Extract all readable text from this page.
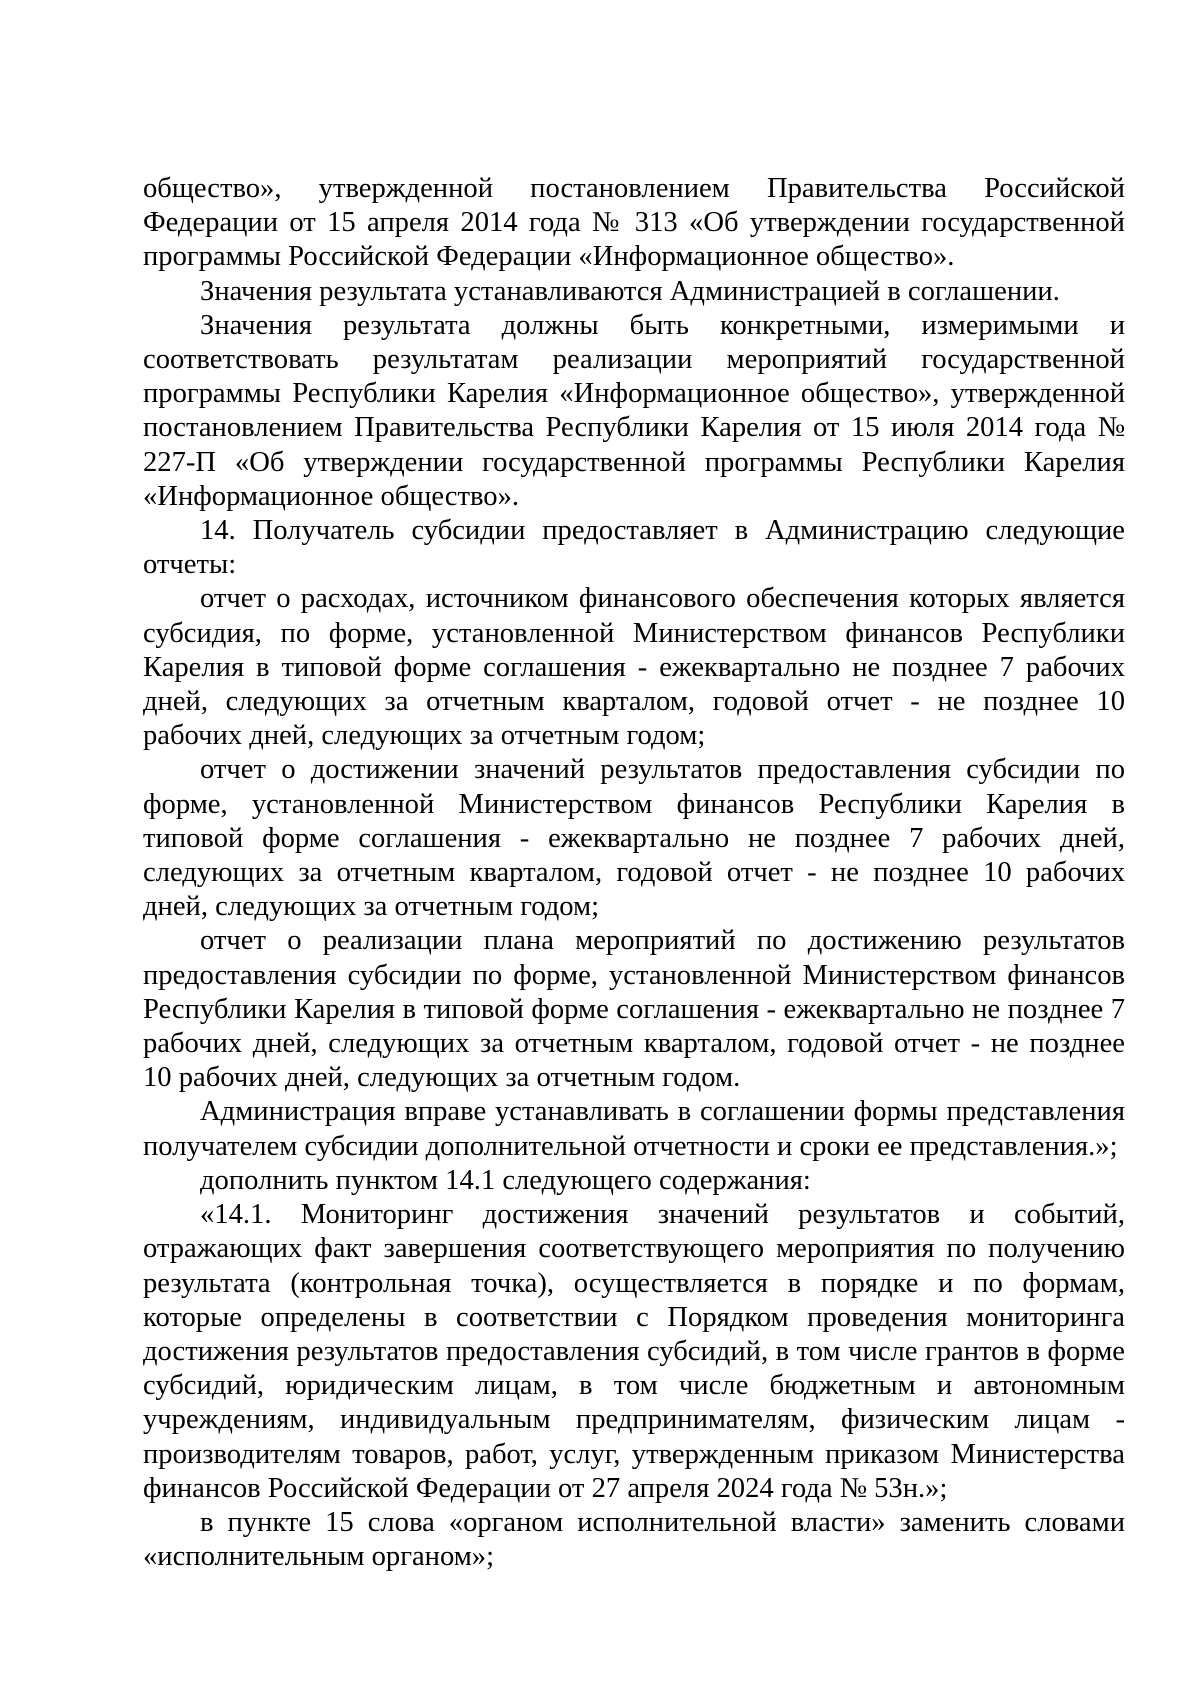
общество», утвержденной постановлением Правительства Российской Федерации от 15 апреля 2014 года № 313 «Об утверждении государственной программы Российской Федерации «Информационное общество».

Значения результата устанавливаются Администрацией в соглашении.

Значения результата должны быть конкретными, измеримыми и соответствовать результатам реализации мероприятий государственной программы Республики Карелия «Информационное общество», утвержденной постановлением Правительства Республики Карелия от 15 июля 2014 года № 227-П «Об утверждении государственной программы Республики Карелия «Информационное общество».

14. Получатель субсидии предоставляет в Администрацию следующие отчеты:

отчет о расходах, источником финансового обеспечения которых является субсидия, по форме, установленной Министерством финансов Республики Карелия в типовой форме соглашения - ежеквартально не позднее 7 рабочих дней, следующих за отчетным кварталом, годовой отчет - не позднее 10 рабочих дней, следующих за отчетным годом;

отчет о достижении значений результатов предоставления субсидии по форме, установленной Министерством финансов Республики Карелия в типовой форме соглашения - ежеквартально не позднее 7 рабочих дней, следующих за отчетным кварталом, годовой отчет - не позднее 10 рабочих дней, следующих за отчетным годом;

отчет о реализации плана мероприятий по достижению результатов предоставления субсидии по форме, установленной Министерством финансов Республики Карелия в типовой форме соглашения - ежеквартально не позднее 7 рабочих дней, следующих за отчетным кварталом, годовой отчет - не позднее 10 рабочих дней, следующих за отчетным годом.

Администрация вправе устанавливать в соглашении формы представления получателем субсидии дополнительной отчетности и сроки ее представления.»;

дополнить пунктом 14.1 следующего содержания:

«14.1. Мониторинг достижения значений результатов и событий, отражающих факт завершения соответствующего мероприятия по получению результата (контрольная точка), осуществляется в порядке и по формам, которые определены в соответствии с Порядком проведения мониторинга достижения результатов предоставления субсидий, в том числе грантов в форме субсидий, юридическим лицам, в том числе бюджетным и автономным учреждениям, индивидуальным предпринимателям, физическим лицам - производителям товаров, работ, услуг, утвержденным приказом Министерства финансов Российской Федерации от 27 апреля 2024 года № 53н.»;

в пункте 15 слова «органом исполнительной власти» заменить словами «исполнительным органом»;
